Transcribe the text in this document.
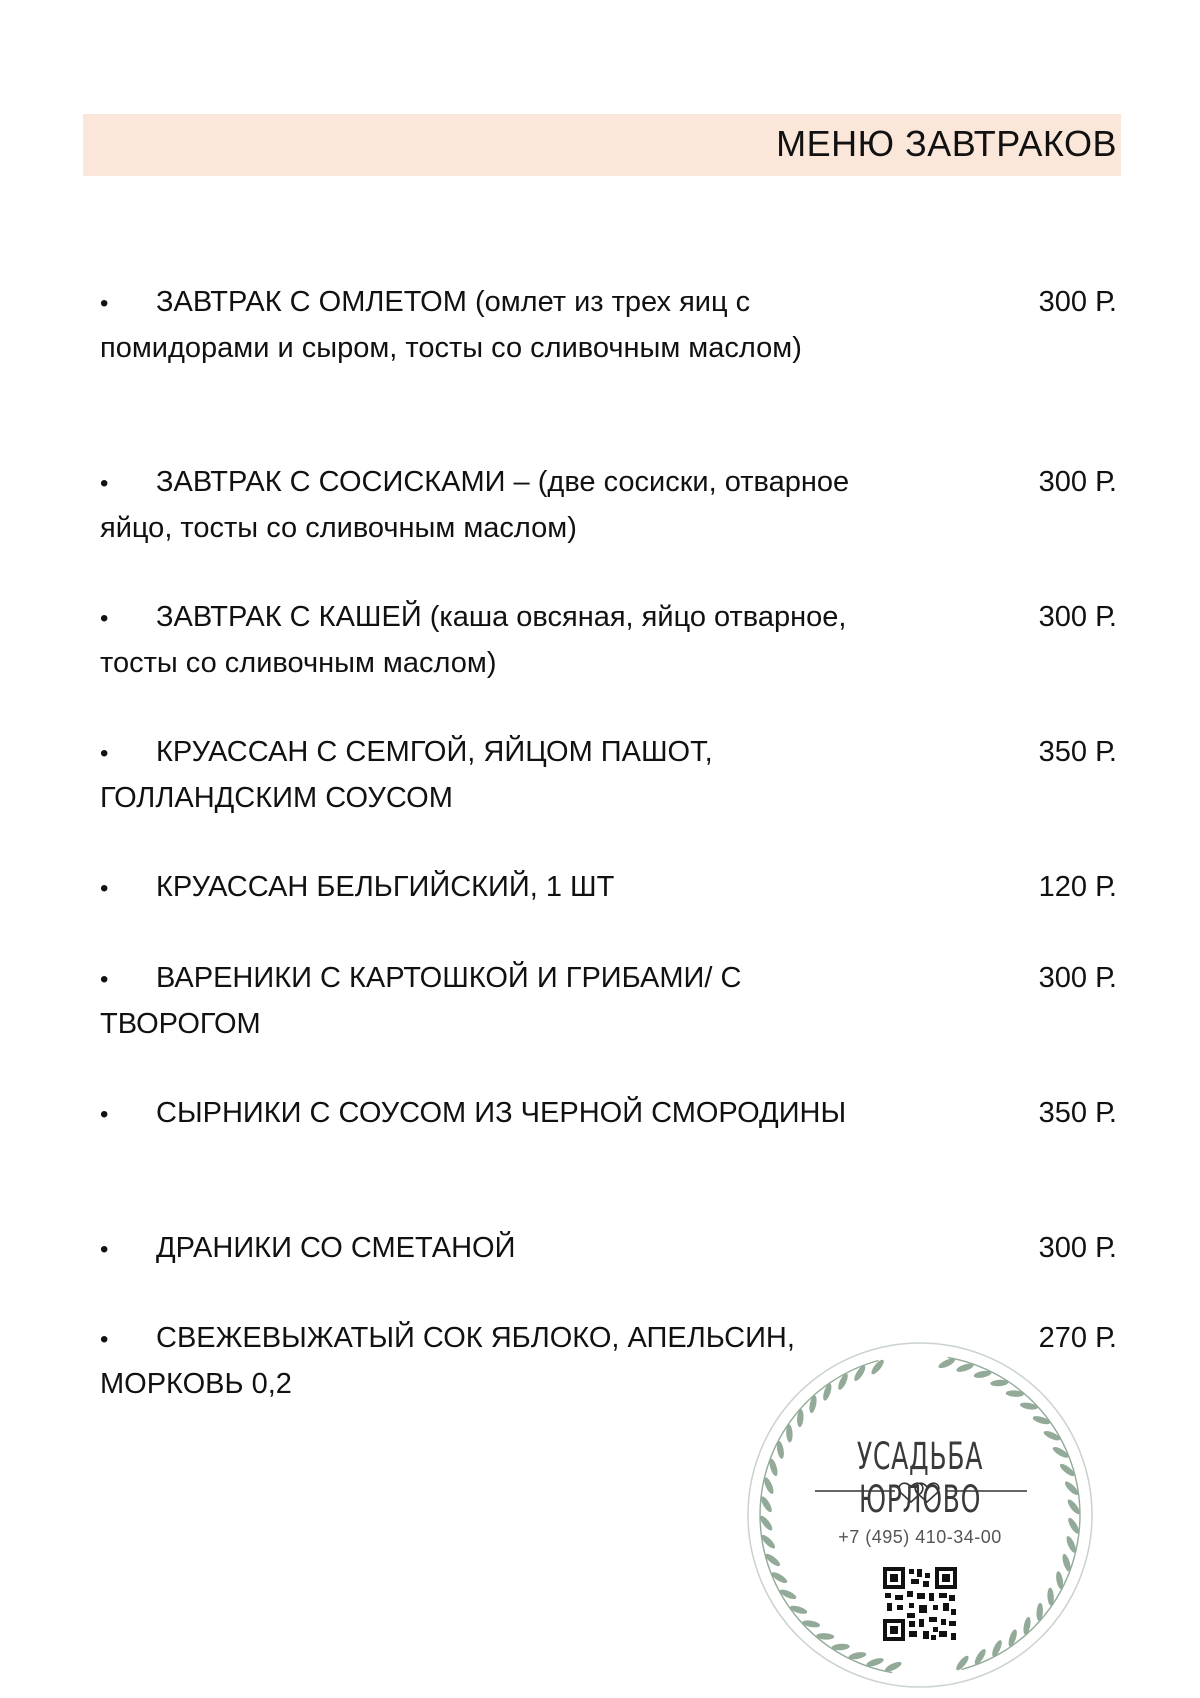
МЕНЮ ЗАВТРАКОВ
• ЗАВТРАК С ОМЛЕТОМ (омлет из трех яиц с помидорами и сыром, тосты со сливочным маслом)
300 Р.
• ЗАВТРАК С СОСИСКАМИ – (две сосиски, отварное яйцо, тосты со сливочным маслом)
300 Р.
• ЗАВТРАК С КАШЕЙ (каша овсяная, яйцо отварное, тосты со сливочным маслом)
300 Р.
• КРУАССАН С СЕМГОЙ, ЯЙЦОМ ПАШОТ, ГОЛЛАНДСКИМ СОУСОМ
350 Р.
• КРУАССАН БЕЛЬГИЙСКИЙ, 1 ШТ	120 Р.
• ВАРЕНИКИ С КАРТОШКОЙ И ГРИБАМИ/ С ТВОРОГОМ
300 Р.
• СЫРНИКИ С СОУСОМ ИЗ ЧЕРНОЙ СМОРОДИНЫ	350 Р.
• ДРАНИКИ СО СМЕТАНОЙ	300 Р.
• СВЕЖЕВЫЖАТЫЙ СОК ЯБЛОКО, АПЕЛЬСИН, МОРКОВЬ 0,2
270 Р.
УСАДЬБА ЮРЛОВО
+7 (495) 410-34-00
